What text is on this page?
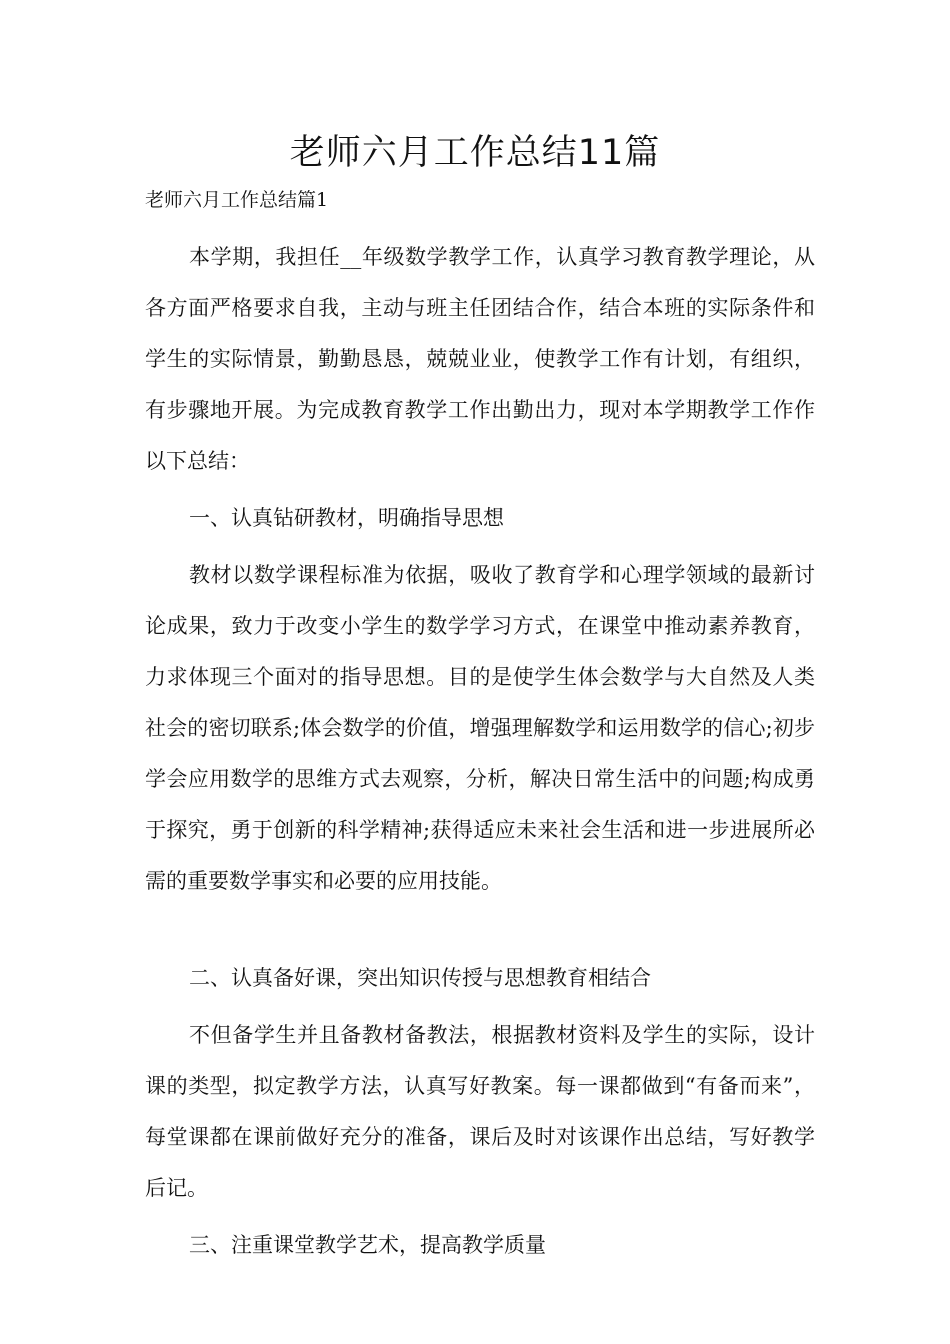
老师六月工作总结11篇

老师六月工作总结篇1

本学期，我担任__年级数学教学工作，认真学习教育教学理论，从各方面严格要求自我，主动与班主任团结合作，结合本班的实际条件和学生的实际情景，勤勤恳恳，兢兢业业，使教学工作有计划，有组织，有步骤地开展。为完成教育教学工作出勤出力，现对本学期教学工作作以下总结：

一、认真钻研教材，明确指导思想

教材以数学课程标准为依据，吸收了教育学和心理学领域的最新讨论成果，致力于改变小学生的数学学习方式，在课堂中推动素养教育，力求体现三个面对的指导思想。目的是使学生体会数学与大自然及人类社会的密切联系;体会数学的价值，增强理解数学和运用数学的信心;初步学会应用数学的思维方式去观察，分析，解决日常生活中的问题;构成勇于探究，勇于创新的科学精神;获得适应未来社会生活和进一步进展所必需的重要数学事实和必要的应用技能。

二、认真备好课，突出知识传授与思想教育相结合

不但备学生并且备教材备教法，根据教材资料及学生的实际，设计课的类型，拟定教学方法，认真写好教案。每一课都做到“有备而来”，每堂课都在课前做好充分的准备，课后及时对该课作出总结，写好教学后记。

三、注重课堂教学艺术，提高教学质量
